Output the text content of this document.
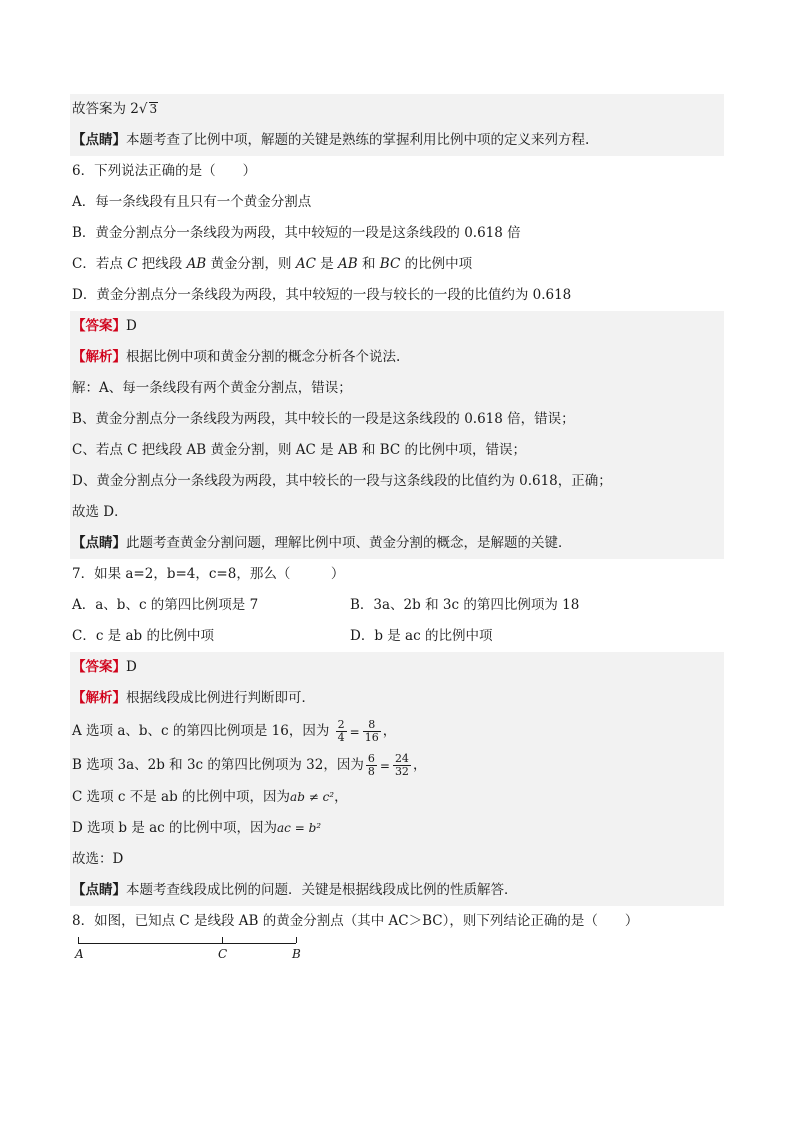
故答案为 2√ 3
【点睛】本题考查了比例中项，解题的关键是熟练的掌握利用比例中项的定义来列方程.
6．下列说法正确的是（　　）
A．每一条线段有且只有一个黄金分割点
B．黄金分割点分一条线段为两段，其中较短的一段是这条线段的 0.618 倍
C．若点 C 把线段 AB 黄金分割，则 AC 是 AB 和 BC 的比例中项
D．黄金分割点分一条线段为两段，其中较短的一段与较长的一段的比值约为 0.618
【答案】D
【解析】根据比例中项和黄金分割的概念分析各个说法.
解：A、每一条线段有两个黄金分割点，错误；
B、黄金分割点分一条线段为两段，其中较长的一段是这条线段的 0.618 倍，错误；
C、若点 C 把线段 AB 黄金分割，则 AC 是 AB 和 BC 的比例中项，错误；
D、黄金分割点分一条线段为两段，其中较长的一段与这条线段的比值约为 0.618，正确；
故选 D．
【点睛】此题考查黄金分割问题，理解比例中项、黄金分割的概念，是解题的关键．
7．如果 a=2，b=4，c=8，那么（　　　）
A．a、b、c 的第四比例项是 7	B．3a、2b 和 3c 的第四比例项为 18
C．c 是 ab 的比例中项	D．b 是 ac 的比例中项
【答案】D
【解析】根据线段成比例进行判断即可．
A 选项 a、b、c 的第四比例项是 16，因为 $\frac{2}{4} = \frac{8}{16}$ ，
B 选项 3a、2b 和 3c 的第四比例项为 32，因为 $\frac{6}{8} = \frac{24}{32}$ ，
C 选项 c 不是 ab 的比例中项，因为ab ≠ c²，
D 选项 b 是 ac 的比例中项，因为ac = b²
故选：D
【点睛】本题考查线段成比例的问题．关键是根据线段成比例的性质解答．
8．如图，已知点 C 是线段 AB 的黄金分割点（其中 AC＞BC），则下列结论正确的是（　　）
A	C	B
